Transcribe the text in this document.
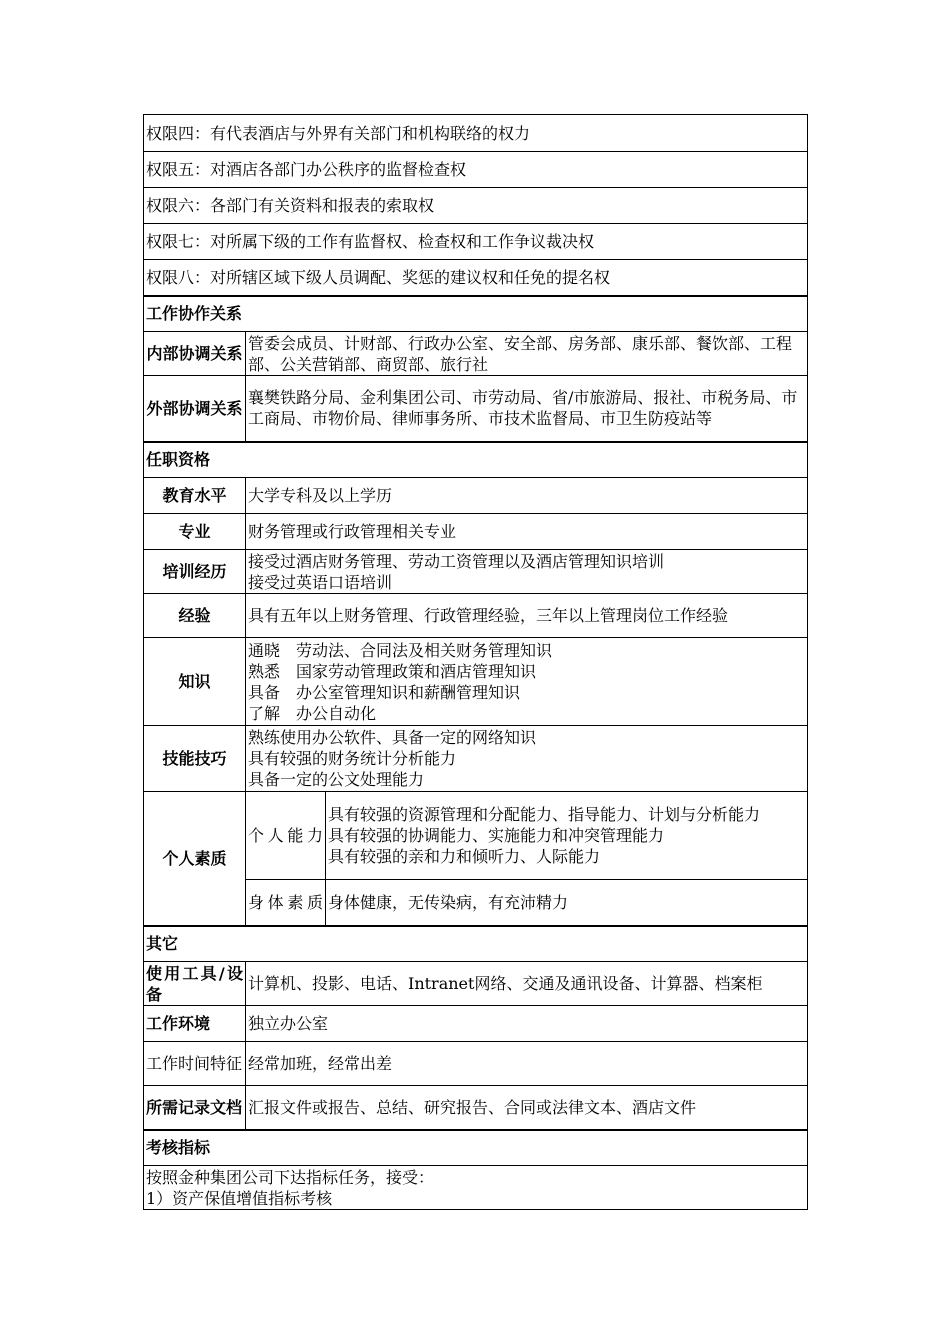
权限四：有代表酒店与外界有关部门和机构联络的权力		
权限五：对酒店各部门办公秩序的监督检查权		
权限六：各部门有关资料和报表的索取权		
权限七：对所属下级的工作有监督权、检查权和工作争议裁决权		
权限八：对所辖区域下级人员调配、奖惩的建议权和任免的提名权		
工作协作关系		
内部协调关系	管委会成员、计财部、行政办公室、安全部、房务部、康乐部、餐饮部、工程部、公关营销部、商贸部、旅行社	
外部协调关系	襄樊铁路分局、金利集团公司、市劳动局、省/市旅游局、报社、市税务局、市工商局、市物价局、律师事务所、市技术监督局、市卫生防疫站等	
任职资格		
教育水平	大学专科及以上学历	
专业	财务管理或行政管理相关专业	
培训经历	接受过酒店财务管理、劳动工资管理以及酒店管理知识培训
接受过英语口语培训	

经验	具有五年以上财务管理、行政管理经验，三年以上管理岗位工作经验	
知识	通晓　劳动法、合同法及相关财务管理知识
熟悉　国家劳动管理政策和酒店管理知识
具备　办公室管理知识和薪酬管理知识
了解　办公自动化	

技能技巧	熟练使用办公软件、具备一定的网络知识
具有较强的财务统计分析能力
具备一定的公文处理能力	

个人素质	个人能力	具有较强的资源管理和分配能力、指导能力、计划与分析能力
具有较强的协调能力、实施能力和冲突管理能力
具有较强的亲和力和倾听力、人际能力

	身体素质	身体健康，无传染病，有充沛精力
其它		
使用工具/设备	计算机、投影、电话、Intranet网络、交通及通讯设备、计算器、档案柜	
工作环境	独立办公室	
工作时间特征	经常加班，经常出差	
所需记录文档	汇报文件或报告、总结、研究报告、合同或法律文本、酒店文件	
考核指标		

按照金种集团公司下达指标任务，接受：
1）资产保值增值指标考核		
